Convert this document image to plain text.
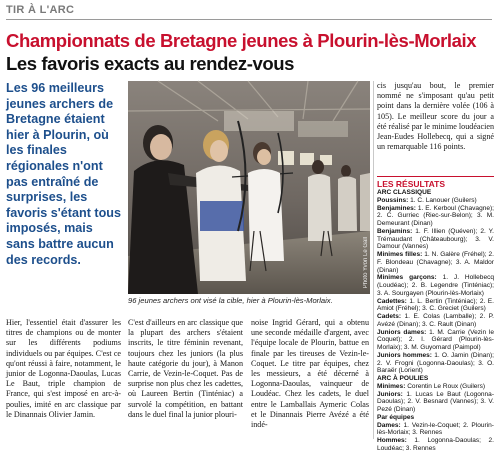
TIR À L'ARC
Championnats de Bretagne jeunes à Plourin-lès-Morlaix
Les favoris exacts au rendez-vous

Les 96 meilleurs jeunes archers de Bretagne étaient hier à Plourin, où les finales régionales n'ont pas entraîné de surprises, les favoris s'étant tous imposés, mais sans battre aucun des records.	Photo Yvon Le Gall

96 jeunes archers ont visé la cible, hier à Plourin-lès-Morlaix.

Hier, l'essentiel était d'assurer les titres de champions ou de monter sur les différents podiums individuels ou par équipes. C'est ce qu'ont réussi à faire, notamment, le junior de Logonna-Daoulas, Lucas Le Baut, triple champion de France, qui s'est imposé en arc-à-poulies, imité en arc classique par le Dinannais Olivier Jamin.

C'est d'ailleurs en arc classique que la plupart des archers s'étaient inscrits, le titre féminin revenant, toujours chez les juniors (la plus haute catégorie du jour), à Manon Carrie, de Vezin-le-Coquet. Pas de surprise non plus chez les cadettes, où Laureen Bertin (Tinténiac) a survolé la compétition, en battant dans le duel final la junior plouri-

noise Ingrid Gérard, qui a obtenu une seconde médaille d'argent, avec l'équipe locale de Plourin, battue en finale par les tireuses de Vezin-le-Coquet. Le titre par équipes, chez les messieurs, a été décerné à Logonna-Daoulas, vainqueur de Loudéac. Chez les cadets, le duel entre le Lamballais Aymeric Colas et le Dinannais Pierre Avézé a été indé-

cis jusqu'au bout, le premier nommé ne s'imposant qu'au petit point dans la dernière volée (106 à 105). Le meilleur score du jour a été réalisé par le minime loudéacien Jean-Eudes Hollebecq, qui a signé un remarquable 116 points.

LES RÉSULTATS

ARC CLASSIQUE

Poussins: 1. C. Lanouer (Guilers)

Benjamines: 1. E. Kerboul (Chavagne); 2. C. Gurriec (Riec-sur-Belon); 3. M. Demeurant (Dinan)

Benjamins: 1. F. Illien (Quéven); 2. Y. Trémaudant (Châteaubourg); 3. V. Damour (Vannes)

Minimes filles: 1. N. Galère (Fréhel); 2. F. Blondeau (Chavagne); 3. A. Maldor (Dinan)

Minimes garçons: 1. J. Hollebecq (Loudéac); 2. B. Legendre (Tinténiac); 3. A. Sourgayen (Plourin-lès-Morlaix)

Cadettes: 1. L. Bertin (Tinténiac); 2. E. Amiot (Fréhel); 3. C. Greciet (Guilers)

Cadets: 1. E. Colas (Lamballe); 2. P. Avézé (Dinan); 3. C. Rault (Dinan)

Juniors dames: 1. M. Carrie (Vezin le Coquet); 2. I. Gérard (Plourin-lès-Morlaix); 3. M. Guyomard (Paimpol)

Juniors hommes: 1. O. Jamin (Dinan); 2. V. Frogni (Logonna-Daoulas); 3. O. Baraër (Lorient)

ARC À POULIES

Minimes: Corentin Le Roux (Guilers)

Juniors: 1. Lucas Le Baut (Logonna-Daoulas); 2. V. Besnard (Vannes); 3. V. Pezé (Dinan)

Par équipes

Dames: 1. Vezin-le-Coquet; 2. Plourin-lès-Morlaix; 3. Rennes

Hommes: 1. Logonna-Daoulas; 2. Loudéac; 3. Rennes
